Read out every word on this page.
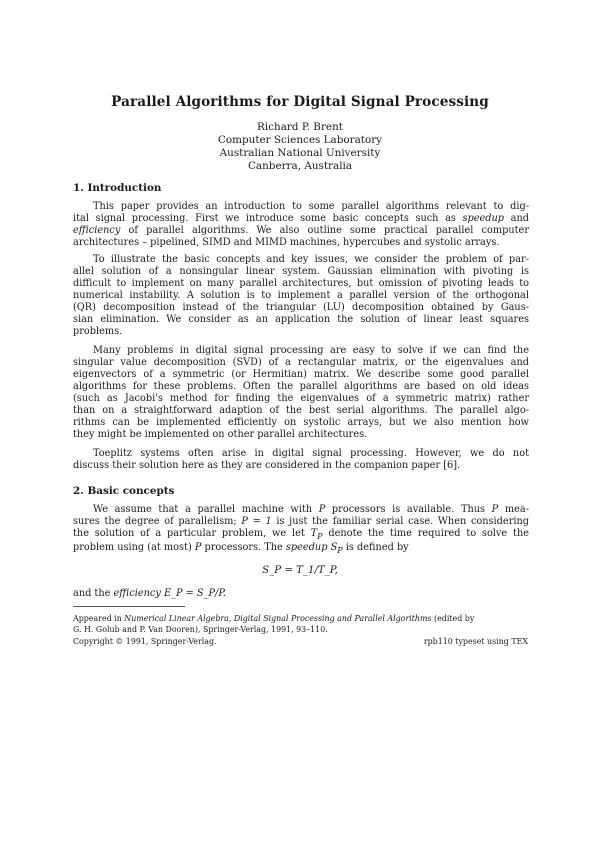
Parallel Algorithms for Digital Signal Processing
Richard P. Brent
Computer Sciences Laboratory
Australian National University
Canberra, Australia
1. Introduction
This paper provides an introduction to some parallel algorithms relevant to dig-
ital signal processing. First we introduce some basic concepts such as speedup and
efficiency of parallel algorithms. We also outline some practical parallel computer
architectures – pipelined, SIMD and MIMD machines, hypercubes and systolic arrays.
To illustrate the basic concepts and key issues, we consider the problem of par-
allel solution of a nonsingular linear system. Gaussian elimination with pivoting is
difficult to implement on many parallel architectures, but omission of pivoting leads to
numerical instability. A solution is to implement a parallel version of the orthogonal
(QR) decomposition instead of the triangular (LU) decomposition obtained by Gaus-
sian elimination. We consider as an application the solution of linear least squares
problems.
Many problems in digital signal processing are easy to solve if we can find the
singular value decomposition (SVD) of a rectangular matrix, or the eigenvalues and
eigenvectors of a symmetric (or Hermitian) matrix. We describe some good parallel
algorithms for these problems. Often the parallel algorithms are based on old ideas
(such as Jacobi's method for finding the eigenvalues of a symmetric matrix) rather
than on a straightforward adaption of the best serial algorithms. The parallel algo-
rithms can be implemented efficiently on systolic arrays, but we also mention how
they might be implemented on other parallel architectures.
Toeplitz systems often arise in digital signal processing. However, we do not
discuss their solution here as they are considered in the companion paper [6].
2. Basic concepts
We assume that a parallel machine with P processors is available. Thus P mea-
sures the degree of parallelism; P = 1 is just the familiar serial case. When considering
the solution of a particular problem, we let $T_P$ denote the time required to solve the
problem using (at most) P processors. The speedup $S_P$ is defined by
S_P = T_1/T_P,
and the efficiency E_P = S_P/P.
Appeared in Numerical Linear Algebra, Digital Signal Processing and Parallel Algorithms (edited by
G. H. Golub and P. Van Dooren), Springer-Verlag, 1991, 93–110.
Copyright © 1991, Springer-Verlag.	rpb110 typeset using TEX
